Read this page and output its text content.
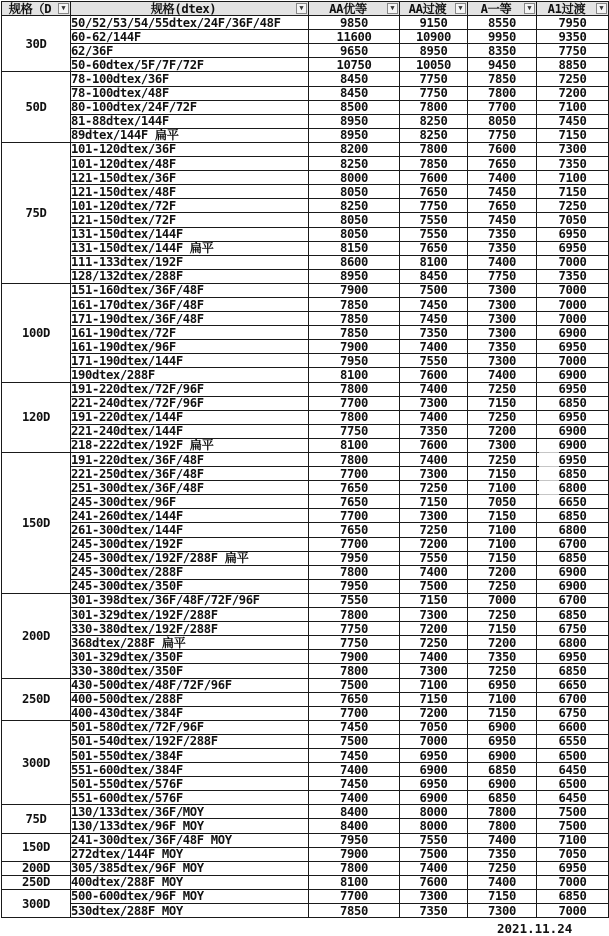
规格（D ▼	规格(dtex) ▼	AA优等 ▼	AA过渡 ▼	A一等 ▼	A1过渡 ▼

30D	50/52/53/54/55dtex/24F/36F/48F	9850	9150	8550	7950
	60-62/144F	11600	10900	9950	9350
	62/36F	9650	8950	8350	7750
	50-60dtex/5F/7F/72F	10750	10050	9450	8850
50D	78-100dtex/36F	8450	7750	7850	7250
	78-100dtex/48F	8450	7750	7800	7200
	80-100dtex/24F/72F	8500	7800	7700	7100
	81-88dtex/144F	8950	8250	8050	7450
	89dtex/144F 扁平	8950	8250	7750	7150
75D	101-120dtex/36F	8200	7800	7600	7300
	101-120dtex/48F	8250	7850	7650	7350
	121-150dtex/36F	8000	7600	7400	7100
	121-150dtex/48F	8050	7650	7450	7150
	101-120dtex/72F	8250	7750	7650	7250
	121-150dtex/72F	8050	7550	7450	7050
	131-150dtex/144F	8050	7550	7350	6950
	131-150dtex/144F 扁平	8150	7650	7350	6950
	111-133dtex/192F	8600	8100	7400	7000
	128/132dtex/288F	8950	8450	7750	7350
100D	151-160dtex/36F/48F	7900	7500	7300	7000
	161-170dtex/36F/48F	7850	7450	7300	7000
	171-190dtex/36F/48F	7850	7450	7300	7000
	161-190dtex/72F	7850	7350	7300	6900
	161-190dtex/96F	7900	7400	7350	6950
	171-190dtex/144F	7950	7550	7300	7000
	190dtex/288F	8100	7600	7400	6900
120D	191-220dtex/72F/96F	7800	7400	7250	6950
	221-240dtex/72F/96F	7700	7300	7150	6850
	191-220dtex/144F	7800	7400	7250	6950
	221-240dtex/144F	7750	7350	7200	6900
	218-222dtex/192F 扁平	8100	7600	7300	6900
150D	191-220dtex/36F/48F	7800	7400	7250	6950
	221-250dtex/36F/48F	7700	7300	7150	6850
	251-300dtex/36F/48F	7650	7250	7100	6800
	245-300dtex/96F	7650	7150	7050	6650
	241-260dtex/144F	7700	7300	7150	6850
	261-300dtex/144F	7650	7250	7100	6800
	245-300dtex/192F	7700	7200	7100	6700
	245-300dtex/192F/288F 扁平	7950	7550	7150	6850
	245-300dtex/288F	7800	7400	7200	6900
	245-300dtex/350F	7950	7500	7250	6900
200D	301-398dtex/36F/48F/72F/96F	7550	7150	7000	6700
	301-329dtex/192F/288F	7800	7300	7250	6850
	330-380dtex/192F/288F	7750	7200	7150	6750
	368dtex/288F 扁平	7750	7250	7200	6800
	301-329dtex/350F	7900	7400	7350	6950
	330-380dtex/350F	7800	7300	7250	6850
250D	430-500dtex/48F/72F/96F	7500	7100	6950	6650
	400-500dtex/288F	7650	7150	7100	6700
	400-430dtex/384F	7700	7200	7150	6750
300D	501-580dtex/72F/96F	7450	7050	6900	6600
	501-540dtex/192F/288F	7500	7000	6950	6550
	501-550dtex/384F	7450	6950	6900	6500
	551-600dtex/384F	7400	6900	6850	6450
	501-550dtex/576F	7450	6950	6900	6500
	551-600dtex/576F	7400	6900	6850	6450
75D	130/133dtex/36F/MOY	8400	8000	7800	7500
	130/133dtex/96F MOY	8400	8000	7800	7500
150D	241-300dtex/36F/48F MOY	7950	7550	7400	7100
	272dtex/144F MOY	7900	7500	7350	7050
200D	305/385dtex/96F MOY	7800	7400	7250	6950
250D	400dtex/288F MOY	8100	7600	7400	7000
300D	500-600dtex/96F MOY	7700	7300	7150	6850
	530dtex/288F MOY	7850	7350	7300	7000
2021.11.24
